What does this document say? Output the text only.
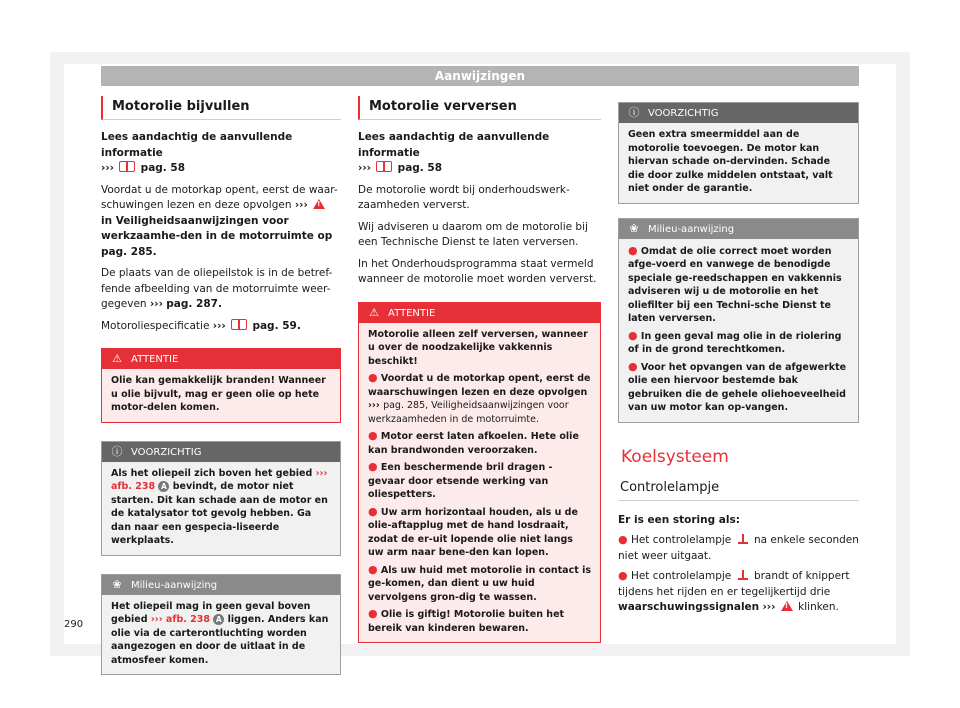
Aanwijzingen
Motorolie bijvullen

Lees aandachtig de aanvullende informatie
›››	pag. 58

Voordat u de motorkap opent, eerst de waar-schuwingen lezen en deze opvolgen ››› ! in Veiligheidsaanwijzingen voor werkzaamhe-den in de motorruimte op pag. 285.

De plaats van de oliepeilstok is in de betref-fende afbeelding van de motorruimte weer-gegeven ››› pag. 287.

Motoroliespecificatie ›››	pag. 59.

⚠ ATTENTIE
Olie kan gemakkelijk branden! Wanneer u olie bijvult, mag er geen olie op hete motor-delen komen.
ⓘ VOORZICHTIG
Als het oliepeil zich boven het gebied ››› afb. 238 A bevindt, de motor niet starten. Dit kan schade aan de motor en de katalysator tot gevolg hebben. Ga dan naar een gespecia-liseerde werkplaats.
❀ Milieu-aanwijzing
Het oliepeil mag in geen geval boven gebied ››› afb. 238 A liggen. Anders kan olie via de carterontluchting worden aangezogen en door de uitlaat in de atmosfeer komen.
Motorolie verversen

Lees aandachtig de aanvullende informatie
›››	pag. 58

De motorolie wordt bij onderhoudswerk-zaamheden ververst.

Wij adviseren u daarom om de motorolie bij een Technische Dienst te laten verversen.

In het Onderhoudsprogramma staat vermeld wanneer de motorolie moet worden ververst.

⚠ ATTENTIE
Motorolie alleen zelf verversen, wanneer u over de noodzakelijke vakkennis beschikt!
● Voordat u de motorkap opent, eerst de waarschuwingen lezen en deze opvolgen ››› pag. 285, Veiligheidsaanwijzingen voor werkzaamheden in de motorruimte.
● Motor eerst laten afkoelen. Hete olie kan brandwonden veroorzaken.
● Een beschermende bril dragen - gevaar door etsende werking van oliespetters.
● Uw arm horizontaal houden, als u de olie-aftapplug met de hand losdraait, zodat de er-uit lopende olie niet langs uw arm naar bene-den kan lopen.
● Als uw huid met motorolie in contact is ge-komen, dan dient u uw huid vervolgens gron-dig te wassen.
● Olie is giftig! Motorolie buiten het bereik van kinderen bewaren.
ⓘ VOORZICHTIG
Geen extra smeermiddel aan de motorolie toevoegen. De motor kan hiervan schade on-dervinden. Schade die door zulke middelen ontstaat, valt niet onder de garantie.
❀ Milieu-aanwijzing
● Omdat de olie correct moet worden afge-voerd en vanwege de benodigde speciale ge-reedschappen en vakkennis adviseren wij u de motorolie en het oliefilter bij een Techni-sche Dienst te laten verversen.
● In geen geval mag olie in de riolering of in de grond terechtkomen.
● Voor het opvangen van de afgewerkte olie een hiervoor bestemde bak gebruiken die de gehele oliehoeveelheid van uw motor kan op-vangen.
Koelsysteem
Controlelampje

Er is een storing als:

● Het controlelampje na enkele seconden niet weer uitgaat.

● Het controlelampje brandt of knippert tijdens het rijden en er tegelijkertijd drie waarschuwingssignalen ››› ! klinken.

290
